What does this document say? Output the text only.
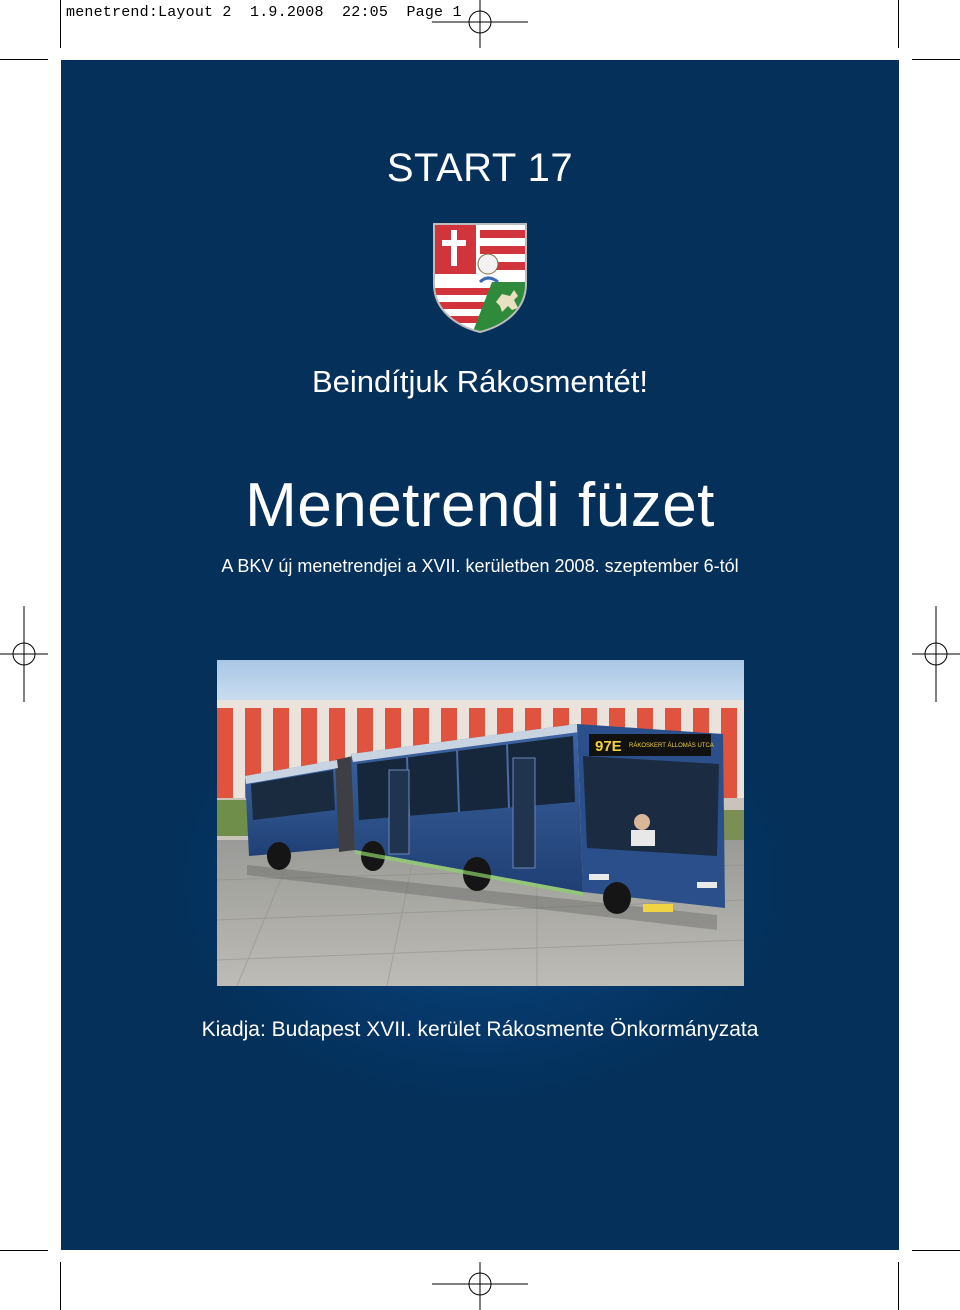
menetrend:Layout 2  1.9.2008  22:05  Page 1
START 17
Beindítjuk Rákosmentét!
Menetrendi füzet
A BKV új menetrendjei a XVII. kerületben 2008. szeptember 6-tól
97E RÁKOSKERT ÁLLOMÁS UTCA
Kiadja: Budapest XVII. kerület Rákosmente Önkormányzata
